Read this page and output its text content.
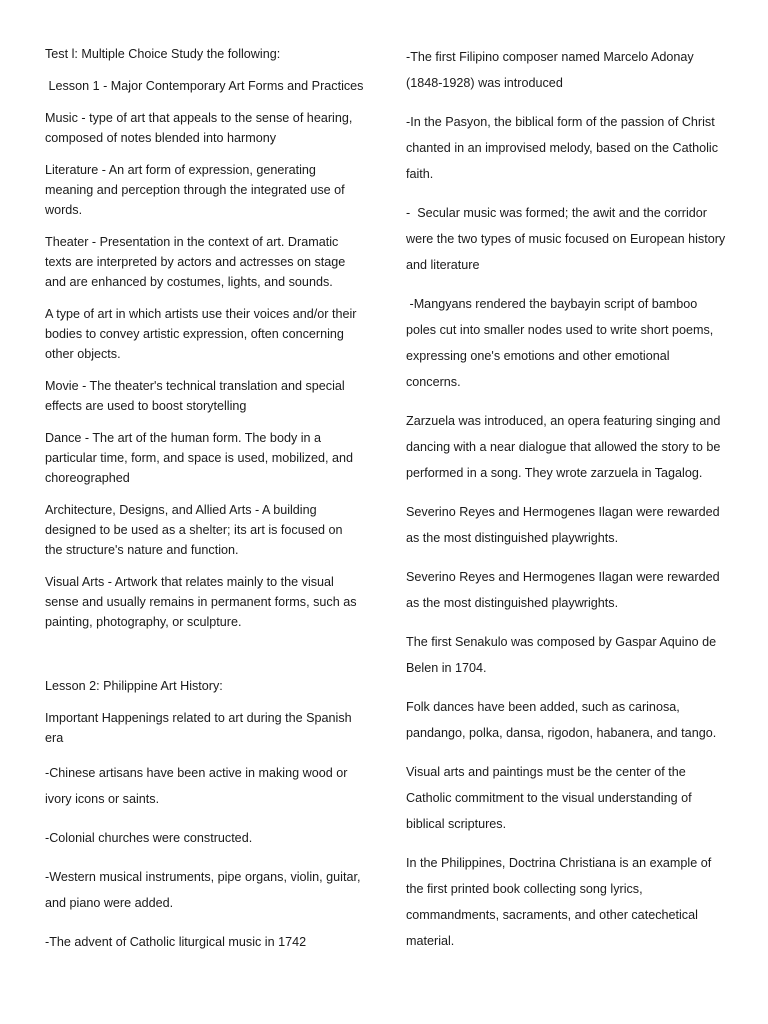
Test l: Multiple Choice Study the following:

Lesson 1 - Major Contemporary Art Forms and Practices

Music - type of art that appeals to the sense of hearing, composed of notes blended into harmony

Literature - An art form of expression, generating meaning and perception through the integrated use of words.

Theater - Presentation in the context of art. Dramatic texts are interpreted by actors and actresses on stage and are enhanced by costumes, lights, and sounds.

A type of art in which artists use their voices and/or their bodies to convey artistic expression, often concerning other objects.

Movie - The theater's technical translation and special effects are used to boost storytelling

Dance - The art of the human form. The body in a particular time, form, and space is used, mobilized, and choreographed

Architecture, Designs, and Allied Arts - A building designed to be used as a shelter; its art is focused on the structure's nature and function.

Visual Arts - Artwork that relates mainly to the visual sense and usually remains in permanent forms, such as painting, photography, or sculpture.

Lesson 2: Philippine Art History:

Important Happenings related to art during the Spanish era

-Chinese artisans have been active in making wood or ivory icons or saints.

-Colonial churches were constructed.

-Western musical instruments, pipe organs, violin, guitar, and piano were added.

-The advent of Catholic liturgical music in 1742

-The first Filipino composer named Marcelo Adonay (1848-1928) was introduced

-In the Pasyon, the biblical form of the passion of Christ chanted in an improvised melody, based on the Catholic faith.

-  Secular music was formed; the awit and the corridor were the two types of music focused on European history and literature

-Mangyans rendered the baybayin script of bamboo poles cut into smaller nodes used to write short poems, expressing one's emotions and other emotional concerns.

Zarzuela was introduced, an opera featuring singing and dancing with a near dialogue that allowed the story to be performed in a song. They wrote zarzuela in Tagalog.

Severino Reyes and Hermogenes Ilagan were rewarded as the most distinguished playwrights.

Severino Reyes and Hermogenes Ilagan were rewarded as the most distinguished playwrights.

The first Senakulo was composed by Gaspar Aquino de Belen in 1704.

Folk dances have been added, such as carinosa, pandango, polka, dansa, rigodon, habanera, and tango.

Visual arts and paintings must be the center of the Catholic commitment to the visual understanding of biblical scriptures.

In the Philippines, Doctrina Christiana is an example of the first printed book collecting song lyrics, commandments, sacraments, and other catechetical material.
